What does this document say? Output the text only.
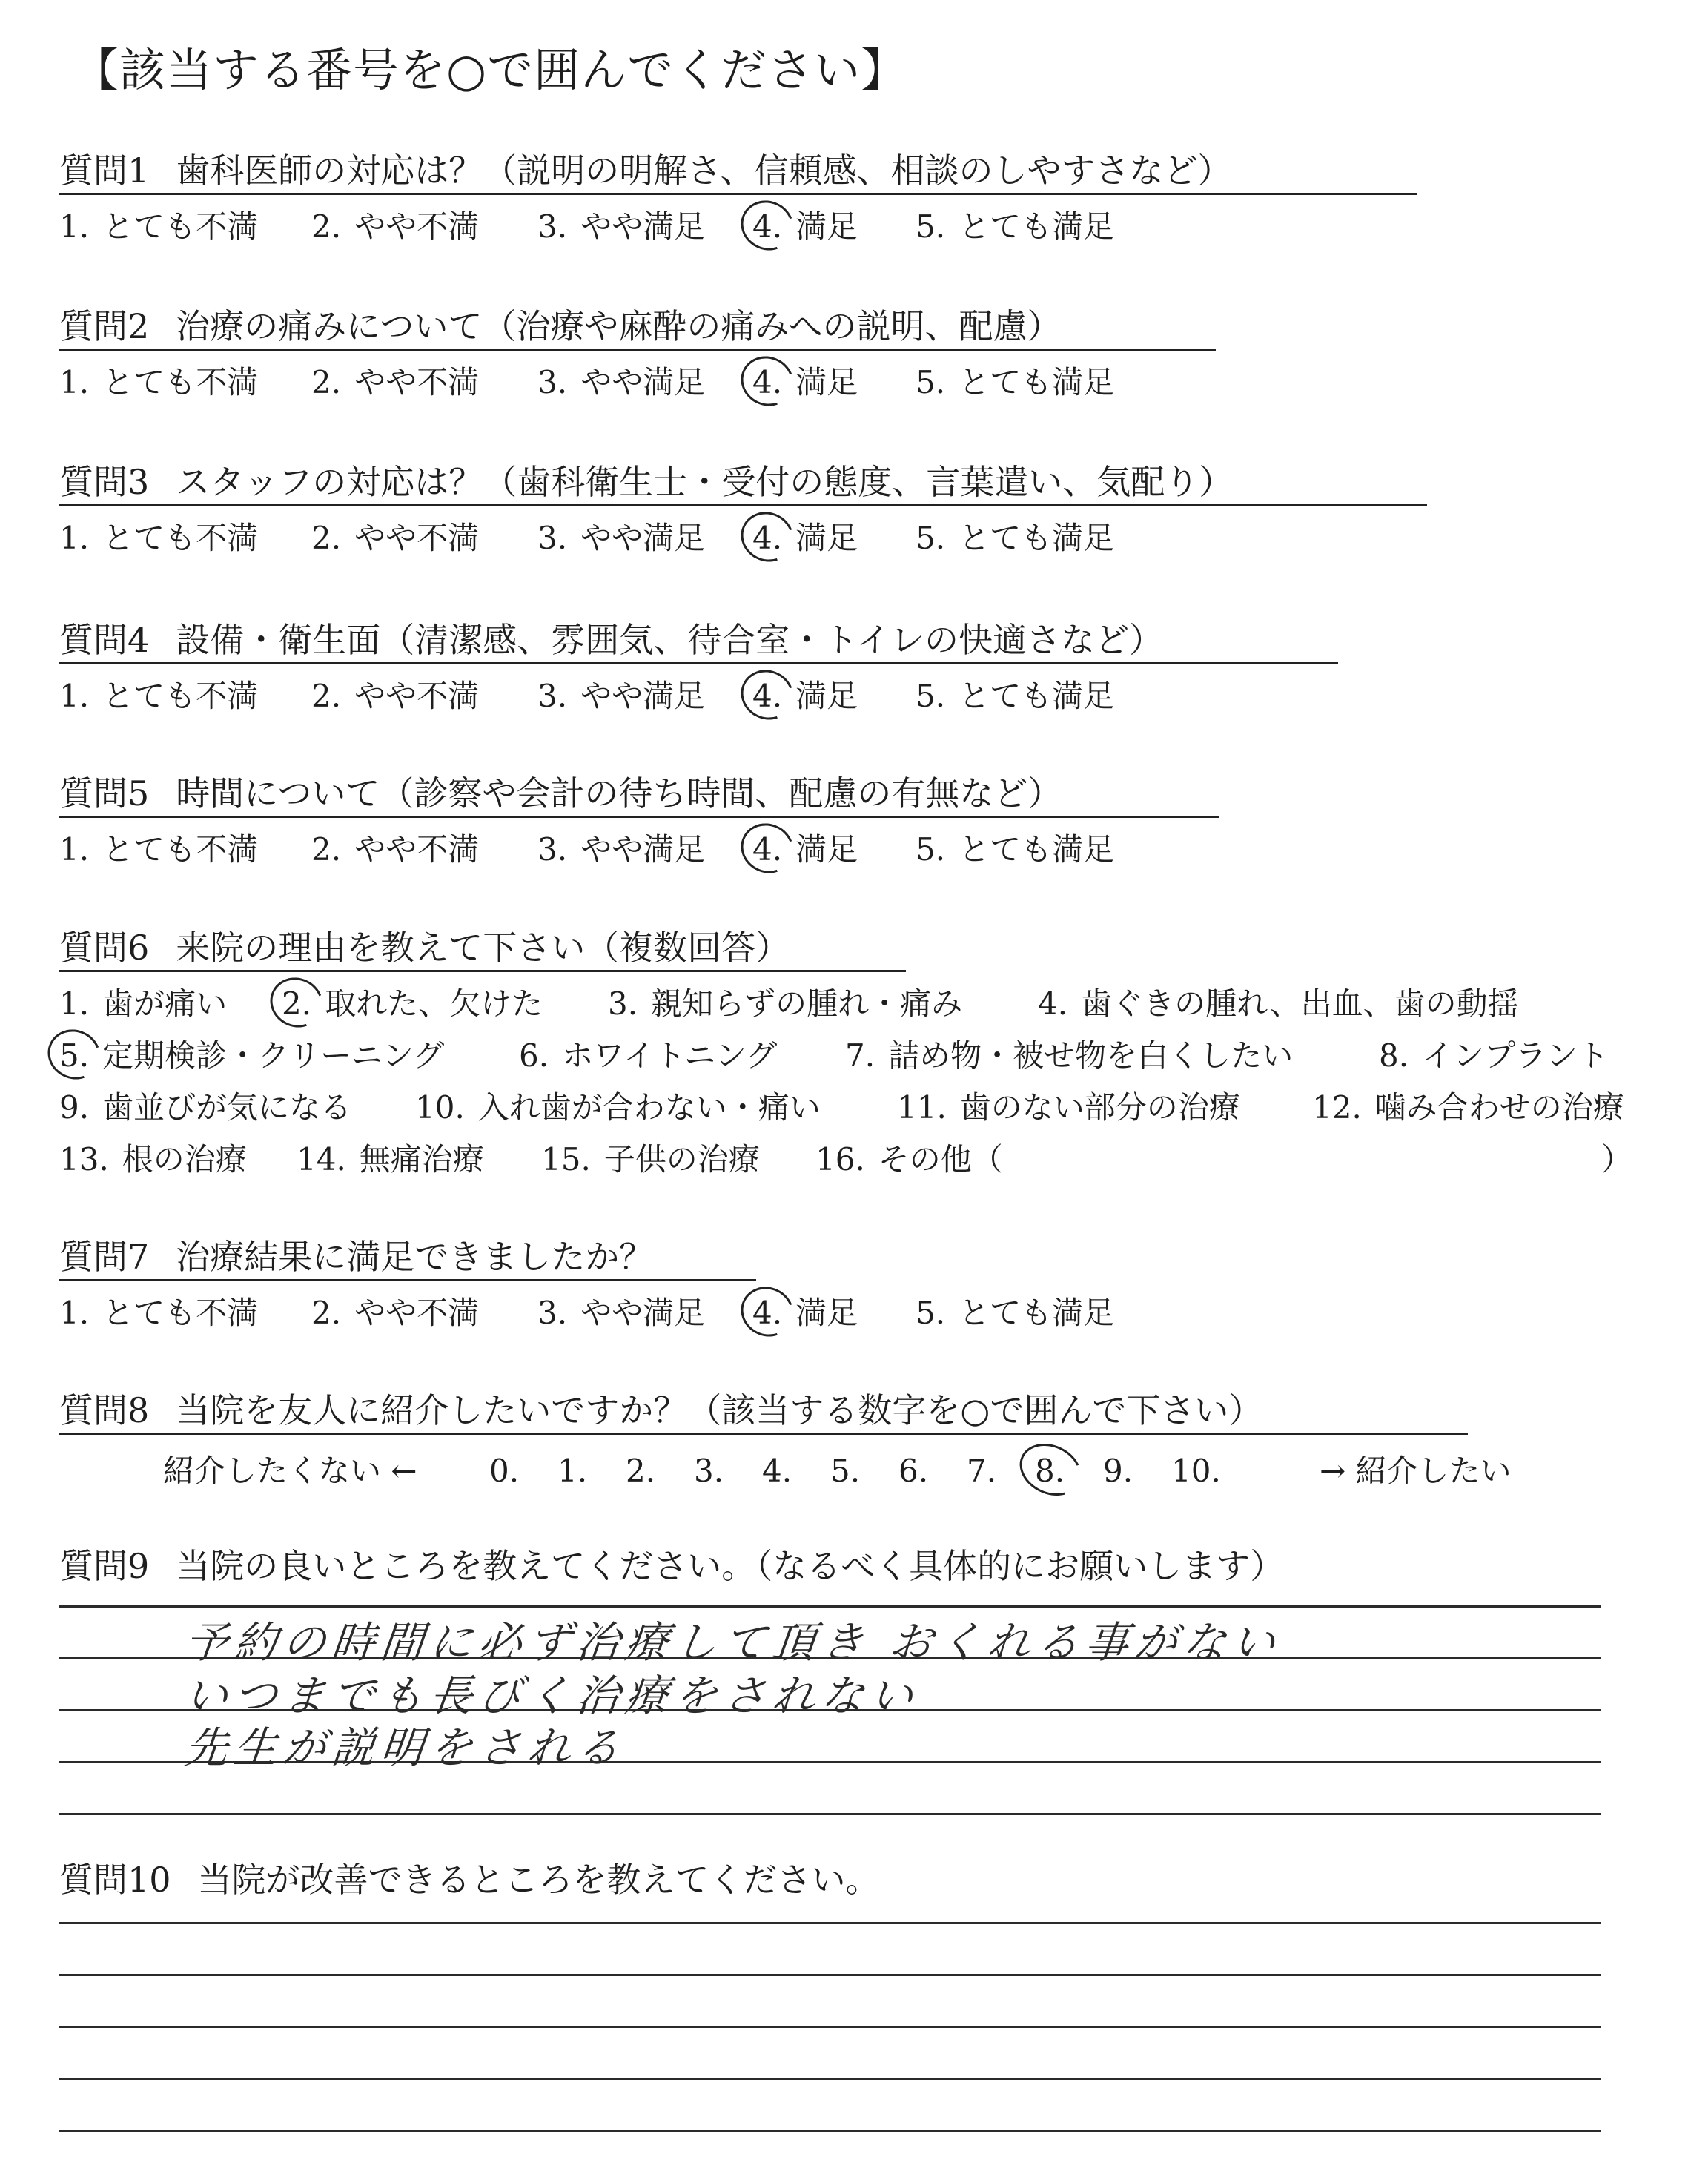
【該当する番号を○で囲んでください】
質問1 歯科医師の対応は？（説明の明解さ、信頼感、相談のしやすさなど）
1. とても不満 2. やや不満 3. やや満足 4. 満足 5. とても満足
質問2 治療の痛みについて（治療や麻酔の痛みへの説明、配慮）
1. とても不満 2. やや不満 3. やや満足 4. 満足 5. とても満足
質問3 スタッフの対応は？（歯科衛生士・受付の態度、言葉遣い、気配り）
1. とても不満 2. やや不満 3. やや満足 4. 満足 5. とても満足
質問4 設備・衛生面（清潔感、雰囲気、待合室・トイレの快適さなど）
1. とても不満 2. やや不満 3. やや満足 4. 満足 5. とても満足
質問5 時間について（診察や会計の待ち時間、配慮の有無など）
1. とても不満 2. やや不満 3. やや満足 4. 満足 5. とても満足
質問6 来院の理由を教えて下さい（複数回答）
1. 歯が痛い 2. 取れた、欠けた 3. 親知らずの腫れ・痛み 4. 歯ぐきの腫れ、出血、歯の動揺
5. 定期検診・クリーニング 6. ホワイトニング 7. 詰め物・被せ物を白くしたい	8. インプラント
9. 歯並びが気になる 10. 入れ歯が合わない・痛い 11. 歯のない部分の治療 12. 噛み合わせの治療
13. 根の治療 14. 無痛治療 15. 子供の治療 16. その他（	）
質問7 治療結果に満足できましたか？
1. とても不満 2. やや不満 3. やや満足 4. 満足 5. とても満足
質問8 当院を友人に紹介したいですか？（該当する数字を○で囲んで下さい）
紹介したくない ← 0. 1. 2. 3. 4. 5. 6. 7. 8. 9. 10.	→ 紹介したい
質問9 当院の良いところを教えてください。（なるべく具体的にお願いします）
予約の時間に必ず治療して頂き おくれる事がない
いつまでも長びく治療をされない
先生が説明をされる
質問10 当院が改善できるところを教えてください。
